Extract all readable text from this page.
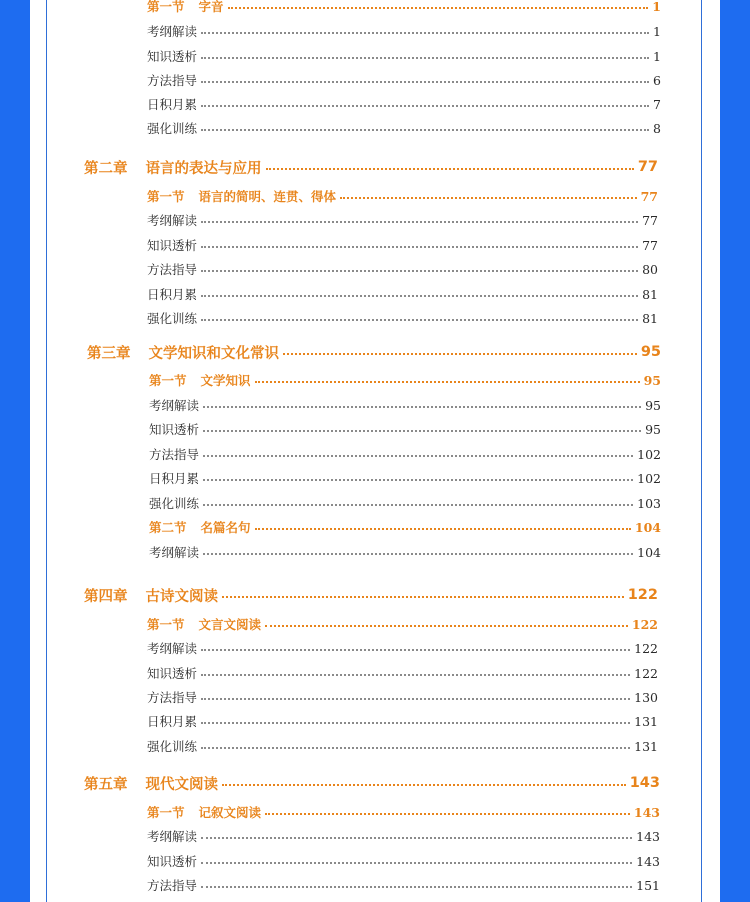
第一节 字音	1
考纲解读	1
知识透析	1
方法指导	6
日积月累	7
强化训练	8
第二章 语言的表达与应用	77
第一节 语言的简明、连贯、得体	77
考纲解读	77
知识透析	77
方法指导	80
日积月累	81
强化训练	81
第三章 文学知识和文化常识	95
第一节 文学知识	95
考纲解读	95
知识透析	95
方法指导	102
日积月累	102
强化训练	103
第二节 名篇名句	104
考纲解读	104
第四章 古诗文阅读	122
第一节 文言文阅读	122
考纲解读	122
知识透析	122
方法指导	130
日积月累	131
强化训练	131
第五章 现代文阅读	143
第一节 记叙文阅读	143
考纲解读	143
知识透析	143
方法指导	151
